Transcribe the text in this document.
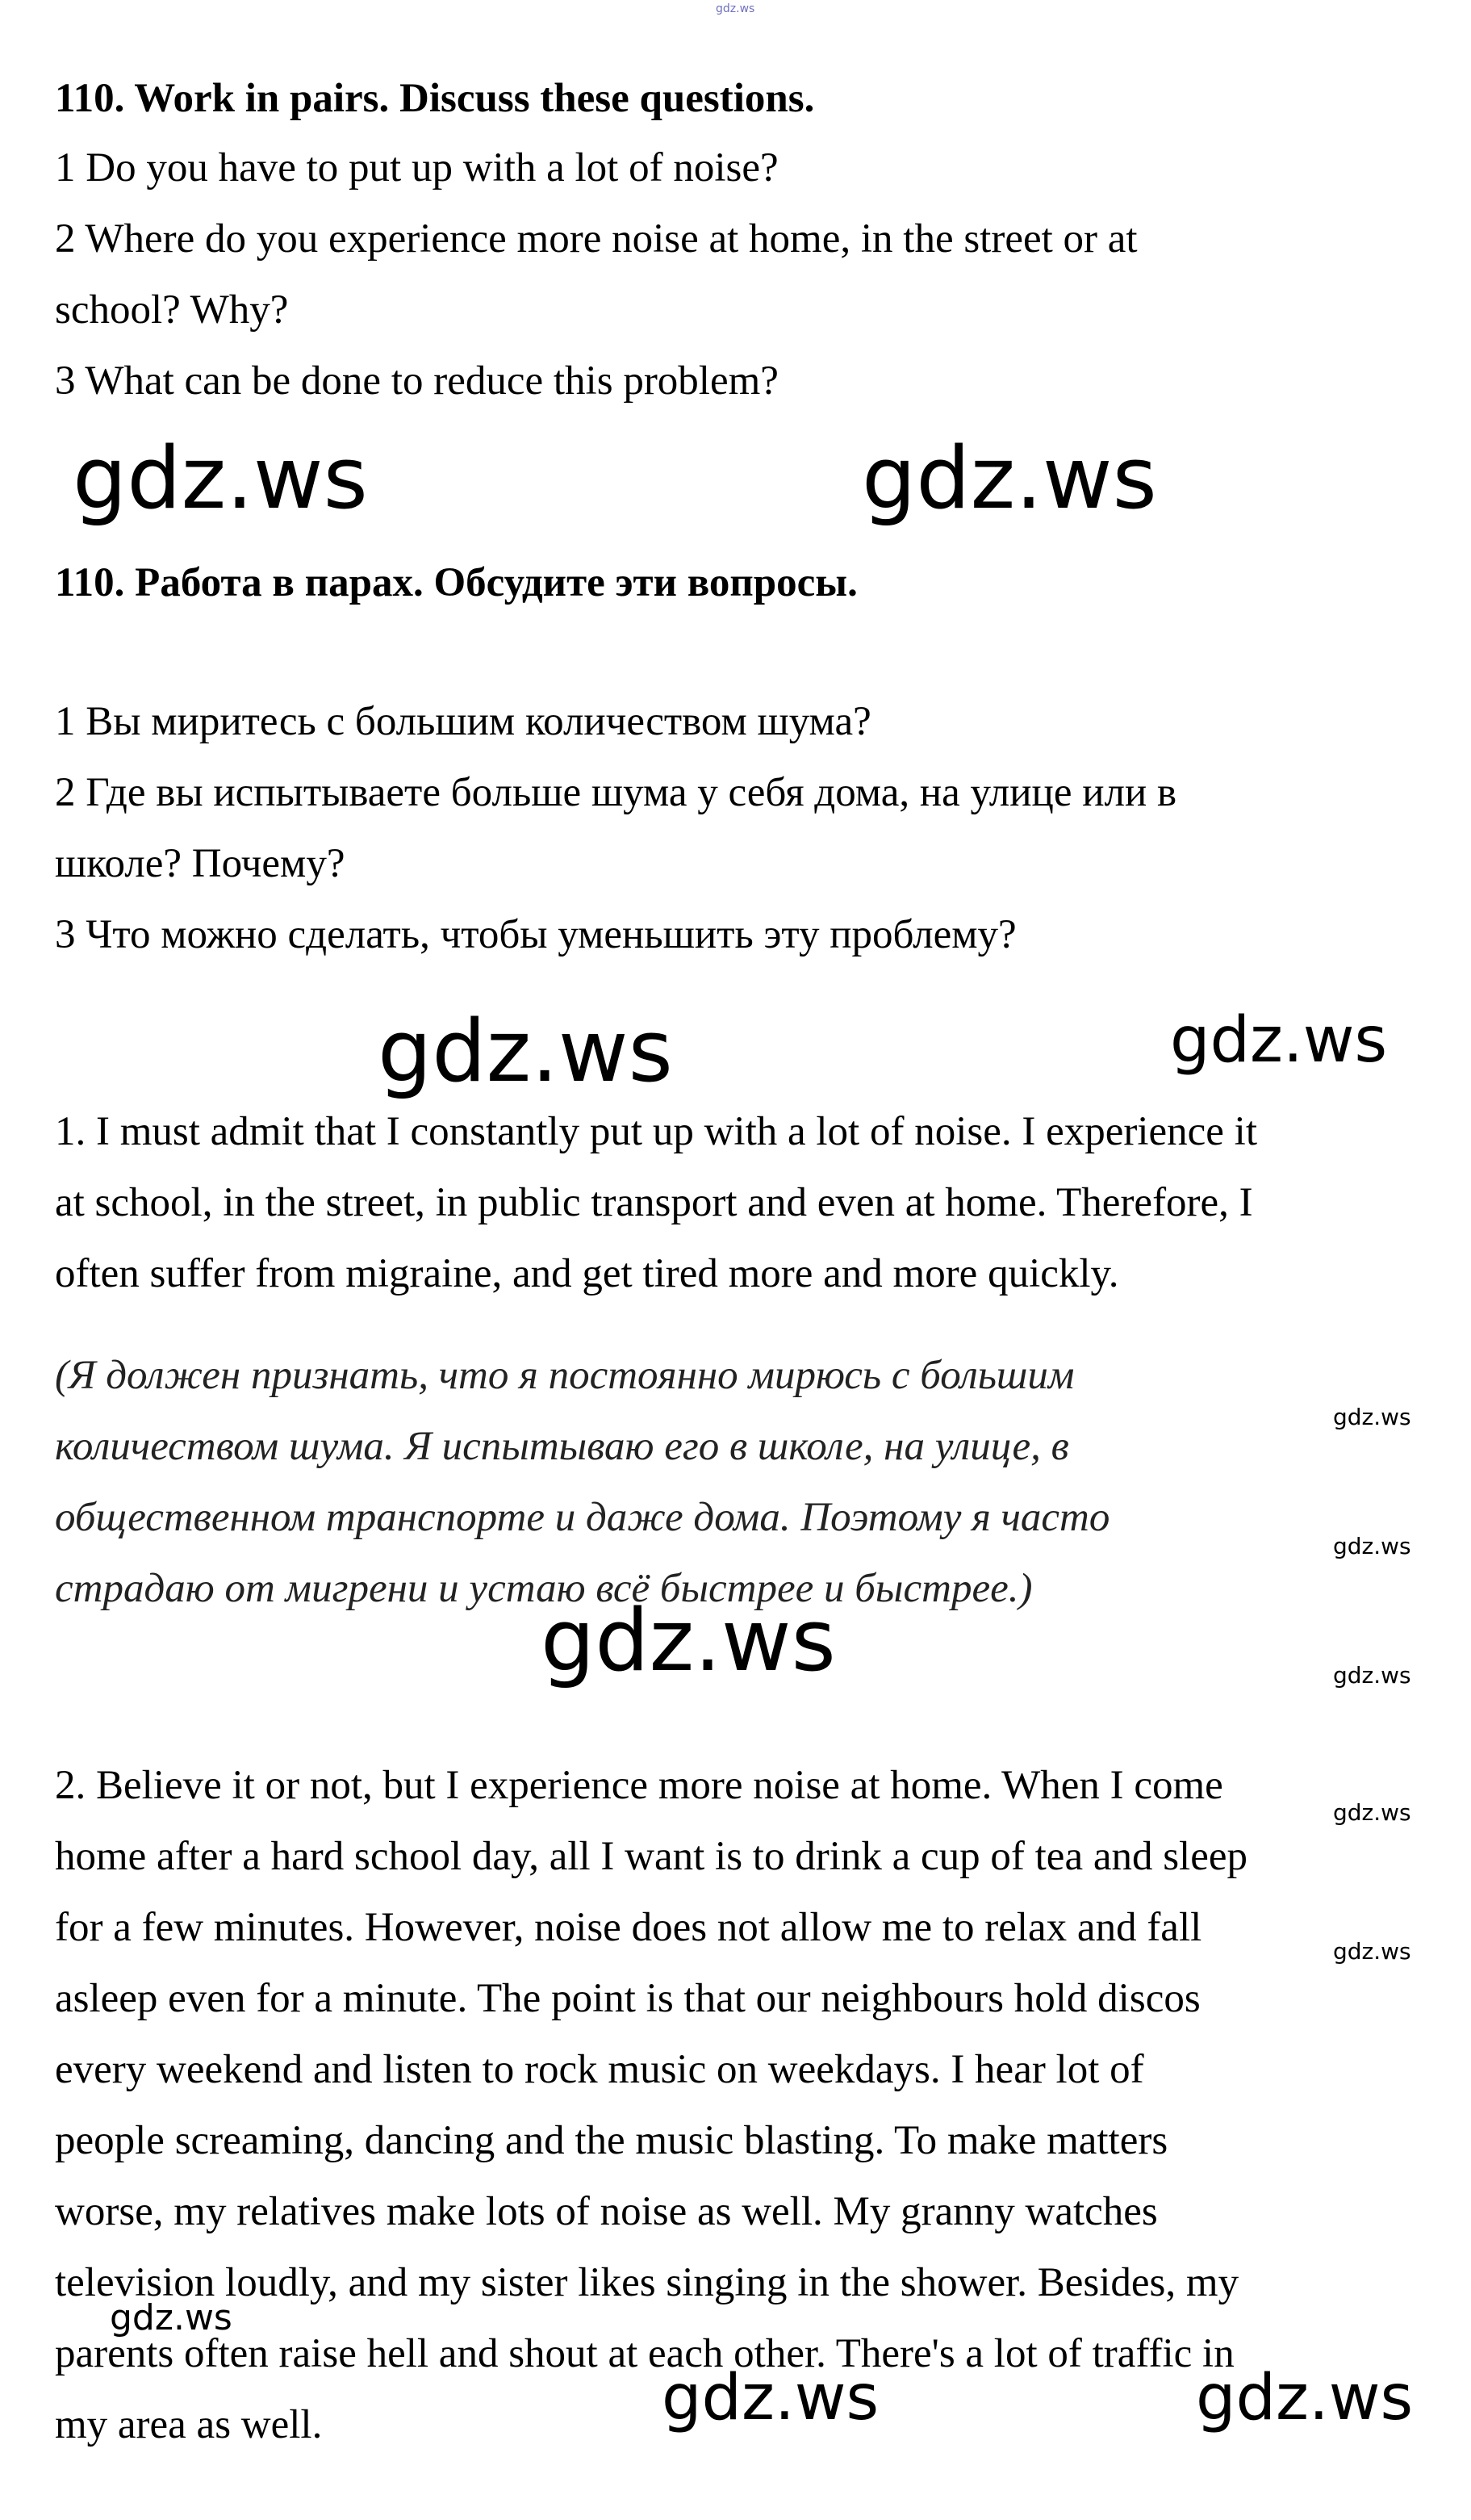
gdz.ws

110. Work in pairs. Discuss these questions.

1 Do you have to put up with a lot of noise?

2 Where do you experience more noise at home, in the street or at

school? Why?

3 What can be done to reduce this problem?

gdz.ws	gdz.ws

110. Работа в парах. Обсудите эти вопросы.

1 Вы миритесь с большим количеством шума?

2 Где вы испытываете больше шума у себя дома, на улице или в

школе? Почему?

3 Что можно сделать, чтобы уменьшить эту проблему?

gdz.ws	gdz.ws

1. I must admit that I constantly put up with a lot of noise. I experience it

at school, in the street, in public transport and even at home. Therefore, I

often suffer from migraine, and get tired more and more quickly.

(Я должен признать, что я постоянно мирюсь с большим

количеством шума. Я испытываю его в школе, на улице, в

общественном транспорте и даже дома. Поэтому я часто

страдаю от мигрени и устаю всё быстрее и быстрее.)

gdz.ws
gdz.ws
gdz.ws
gdz.ws

2. Believe it or not, but I experience more noise at home. When I come

home after a hard school day, all I want is to drink a cup of tea and sleep

for a few minutes. However, noise does not allow me to relax and fall

asleep even for a minute. The point is that our neighbours hold discos

every weekend and listen to rock music on weekdays. I hear lot of

people screaming, dancing and the music blasting. To make matters

worse, my relatives make lots of noise as well. My granny watches

television loudly, and my sister likes singing in the shower. Besides, my

parents often raise hell and shout at each other. There's a lot of traffic in

my area as well.

gdz.ws
gdz.ws
gdz.ws
gdz.ws	gdz.ws
